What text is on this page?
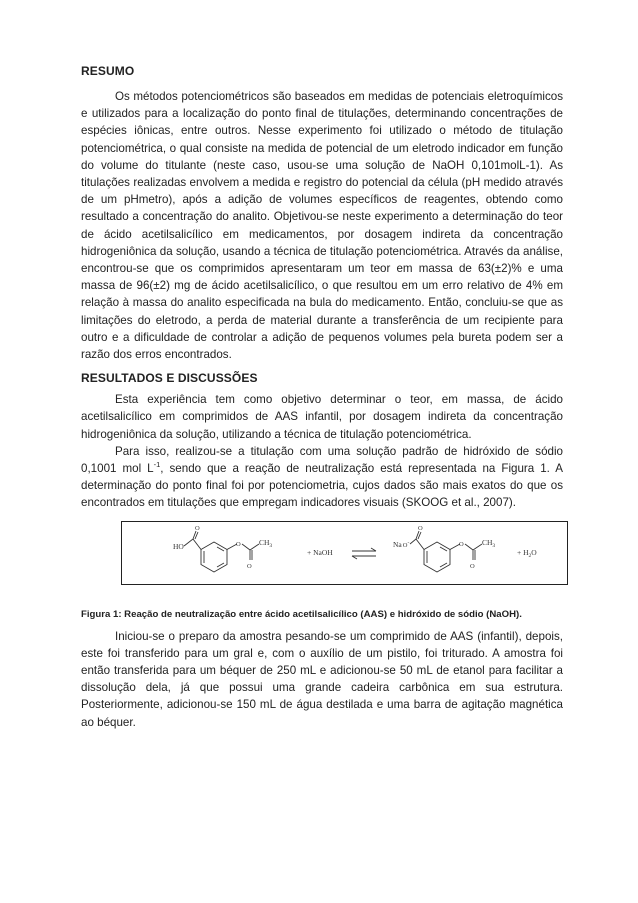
RESUMO

Os métodos potenciométricos são baseados em medidas de potenciais eletroquímicos e utilizados para a localização do ponto final de titulações, determinando concentrações de espécies iônicas, entre outros. Nesse experimento foi utilizado o método de titulação potenciométrica, o qual consiste na medida de potencial de um eletrodo indicador em função do volume do titulante (neste caso, usou-se uma solução de NaOH 0,101molL-1). As titulações realizadas envolvem a medida e registro do potencial da célula (pH medido através de um pHmetro), após a adição de volumes específicos de reagentes, obtendo como resultado a concentração do analito. Objetivou-se neste experimento a determinação do teor de ácido acetilsalicílico em medicamentos, por dosagem indireta da concentração hidrogeniônica da solução, usando a técnica de titulação potenciométrica. Através da análise, encontrou-se que os comprimidos apresentaram um teor em massa de 63(±2)% e uma massa de 96(±2) mg de ácido acetilsalicílico, o que resultou em um erro relativo de 4% em relação à massa do analito especificada na bula do medicamento. Então, concluiu-se que as limitações do eletrodo, a perda de material durante a transferência de um recipiente para outro e a dificuldade de controlar a adição de pequenos volumes pela bureta podem ser a razão dos erros encontrados.

RESULTADOS E DISCUSSÕES

Esta experiência tem como objetivo determinar o teor, em massa, de ácido acetilsalicílico em comprimidos de AAS infantil, por dosagem indireta da concentração hidrogeniônica da solução, utilizando a técnica de titulação potenciométrica.

Para isso, realizou-se a titulação com uma solução padrão de hidróxido de sódio 0,1001 mol $L^{-1}$, sendo que a reação de neutralização está representada na Figura 1. A determinação do ponto final foi por potenciometria, cujos dados são mais exatos do que os encontrados em titulações que empregam indicadores visuais (SKOOG et al., 2007).

HO
O
O
O
$CH_3$
+ NaOH
NaO-
O
O
O
$CH_3$
+ $H_2O$
Figura 1: Reação de neutralização entre ácido acetilsalicílico (AAS) e hidróxido de sódio (NaOH).

Iniciou-se o preparo da amostra pesando-se um comprimido de AAS (infantil), depois, este foi transferido para um gral e, com o auxílio de um pistilo, foi triturado. A amostra foi então transferida para um béquer de 250 mL e adicionou-se 50 mL de etanol para facilitar a dissolução dela, já que possui uma grande cadeira carbônica em sua estrutura. Posteriormente, adicionou-se 150 mL de água destilada e uma barra de agitação magnética ao béquer.
